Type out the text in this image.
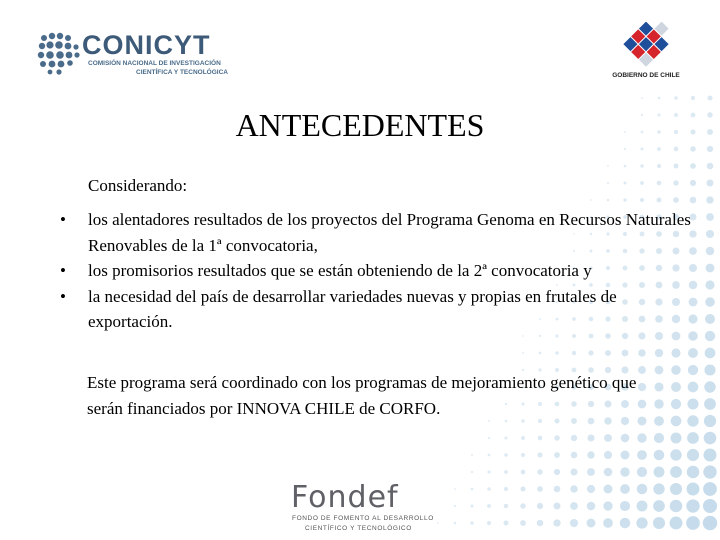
CONICYT
COMISIÓN NACIONAL DE INVESTIGACIÓN
CIENTÍFICA Y TECNOLÓGICA	GOBIERNO DE CHILE
ANTECEDENTES
Considerando:
• los alentadores resultados de los proyectos del Programa Genoma en Recursos Naturales Renovables de la 1ª convocatoria,
• los promisorios resultados que se están obteniendo de la 2ª convocatoria y
• la necesidad del país de desarrollar variedades nuevas y propias en frutales de exportación.

Este programa será coordinado con los programas de mejoramiento genético que serán financiados por INNOVA CHILE de CORFO.

Fondef
FONDO DE FOMENTO AL DESARROLLO
CIENTÍFICO Y TECNOLÓGICO
